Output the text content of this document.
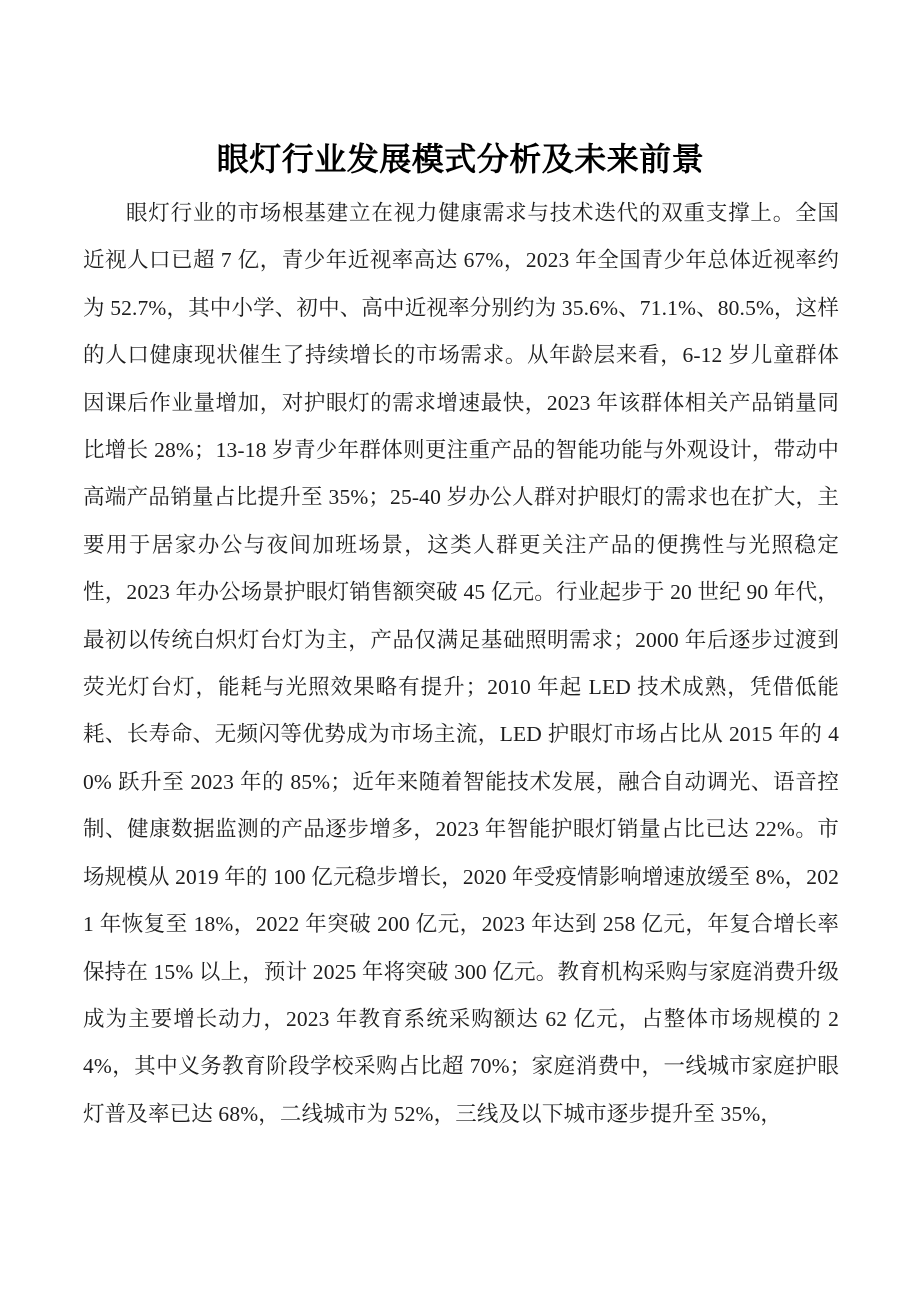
眼灯行业发展模式分析及未来前景

眼灯行业的市场根基建立在视力健康需求与技术迭代的双重支撑上。全国近视人口已超 7 亿，青少年近视率高达 67%，2023 年全国青少年总体近视率约为 52.7%，其中小学、初中、高中近视率分别约为 35.6%、71.1%、80.5%，这样的人口健康现状催生了持续增长的市场需求。从年龄层来看，6-12 岁儿童群体因课后作业量增加，对护眼灯的需求增速最快，2023 年该群体相关产品销量同比增长 28%；13-18 岁青少年群体则更注重产品的智能功能与外观设计，带动中高端产品销量占比提升至 35%；25-40 岁办公人群对护眼灯的需求也在扩大，主要用于居家办公与夜间加班场景，这类人群更关注产品的便携性与光照稳定性，2023 年办公场景护眼灯销售额突破 45 亿元。行业起步于 20 世纪 90 年代，最初以传统白炽灯台灯为主，产品仅满足基础照明需求；2000 年后逐步过渡到荧光灯台灯，能耗与光照效果略有提升；2010 年起 LED 技术成熟，凭借低能耗、长寿命、无频闪等优势成为市场主流，LED 护眼灯市场占比从 2015 年的 40% 跃升至 2023 年的 85%；近年来随着智能技术发展，融合自动调光、语音控制、健康数据监测的产品逐步增多，2023 年智能护眼灯销量占比已达 22%。市场规模从 2019 年的 100 亿元稳步增长，2020 年受疫情影响增速放缓至 8%，2021 年恢复至 18%，2022 年突破 200 亿元，2023 年达到 258 亿元，年复合增长率保持在 15% 以上，预计 2025 年将突破 300 亿元。教育机构采购与家庭消费升级成为主要增长动力，2023 年教育系统采购额达 62 亿元，占整体市场规模的 24%，其中义务教育阶段学校采购占比超 70%；家庭消费中，一线城市家庭护眼灯普及率已达 68%，二线城市为 52%，三线及以下城市逐步提升至 35%，
